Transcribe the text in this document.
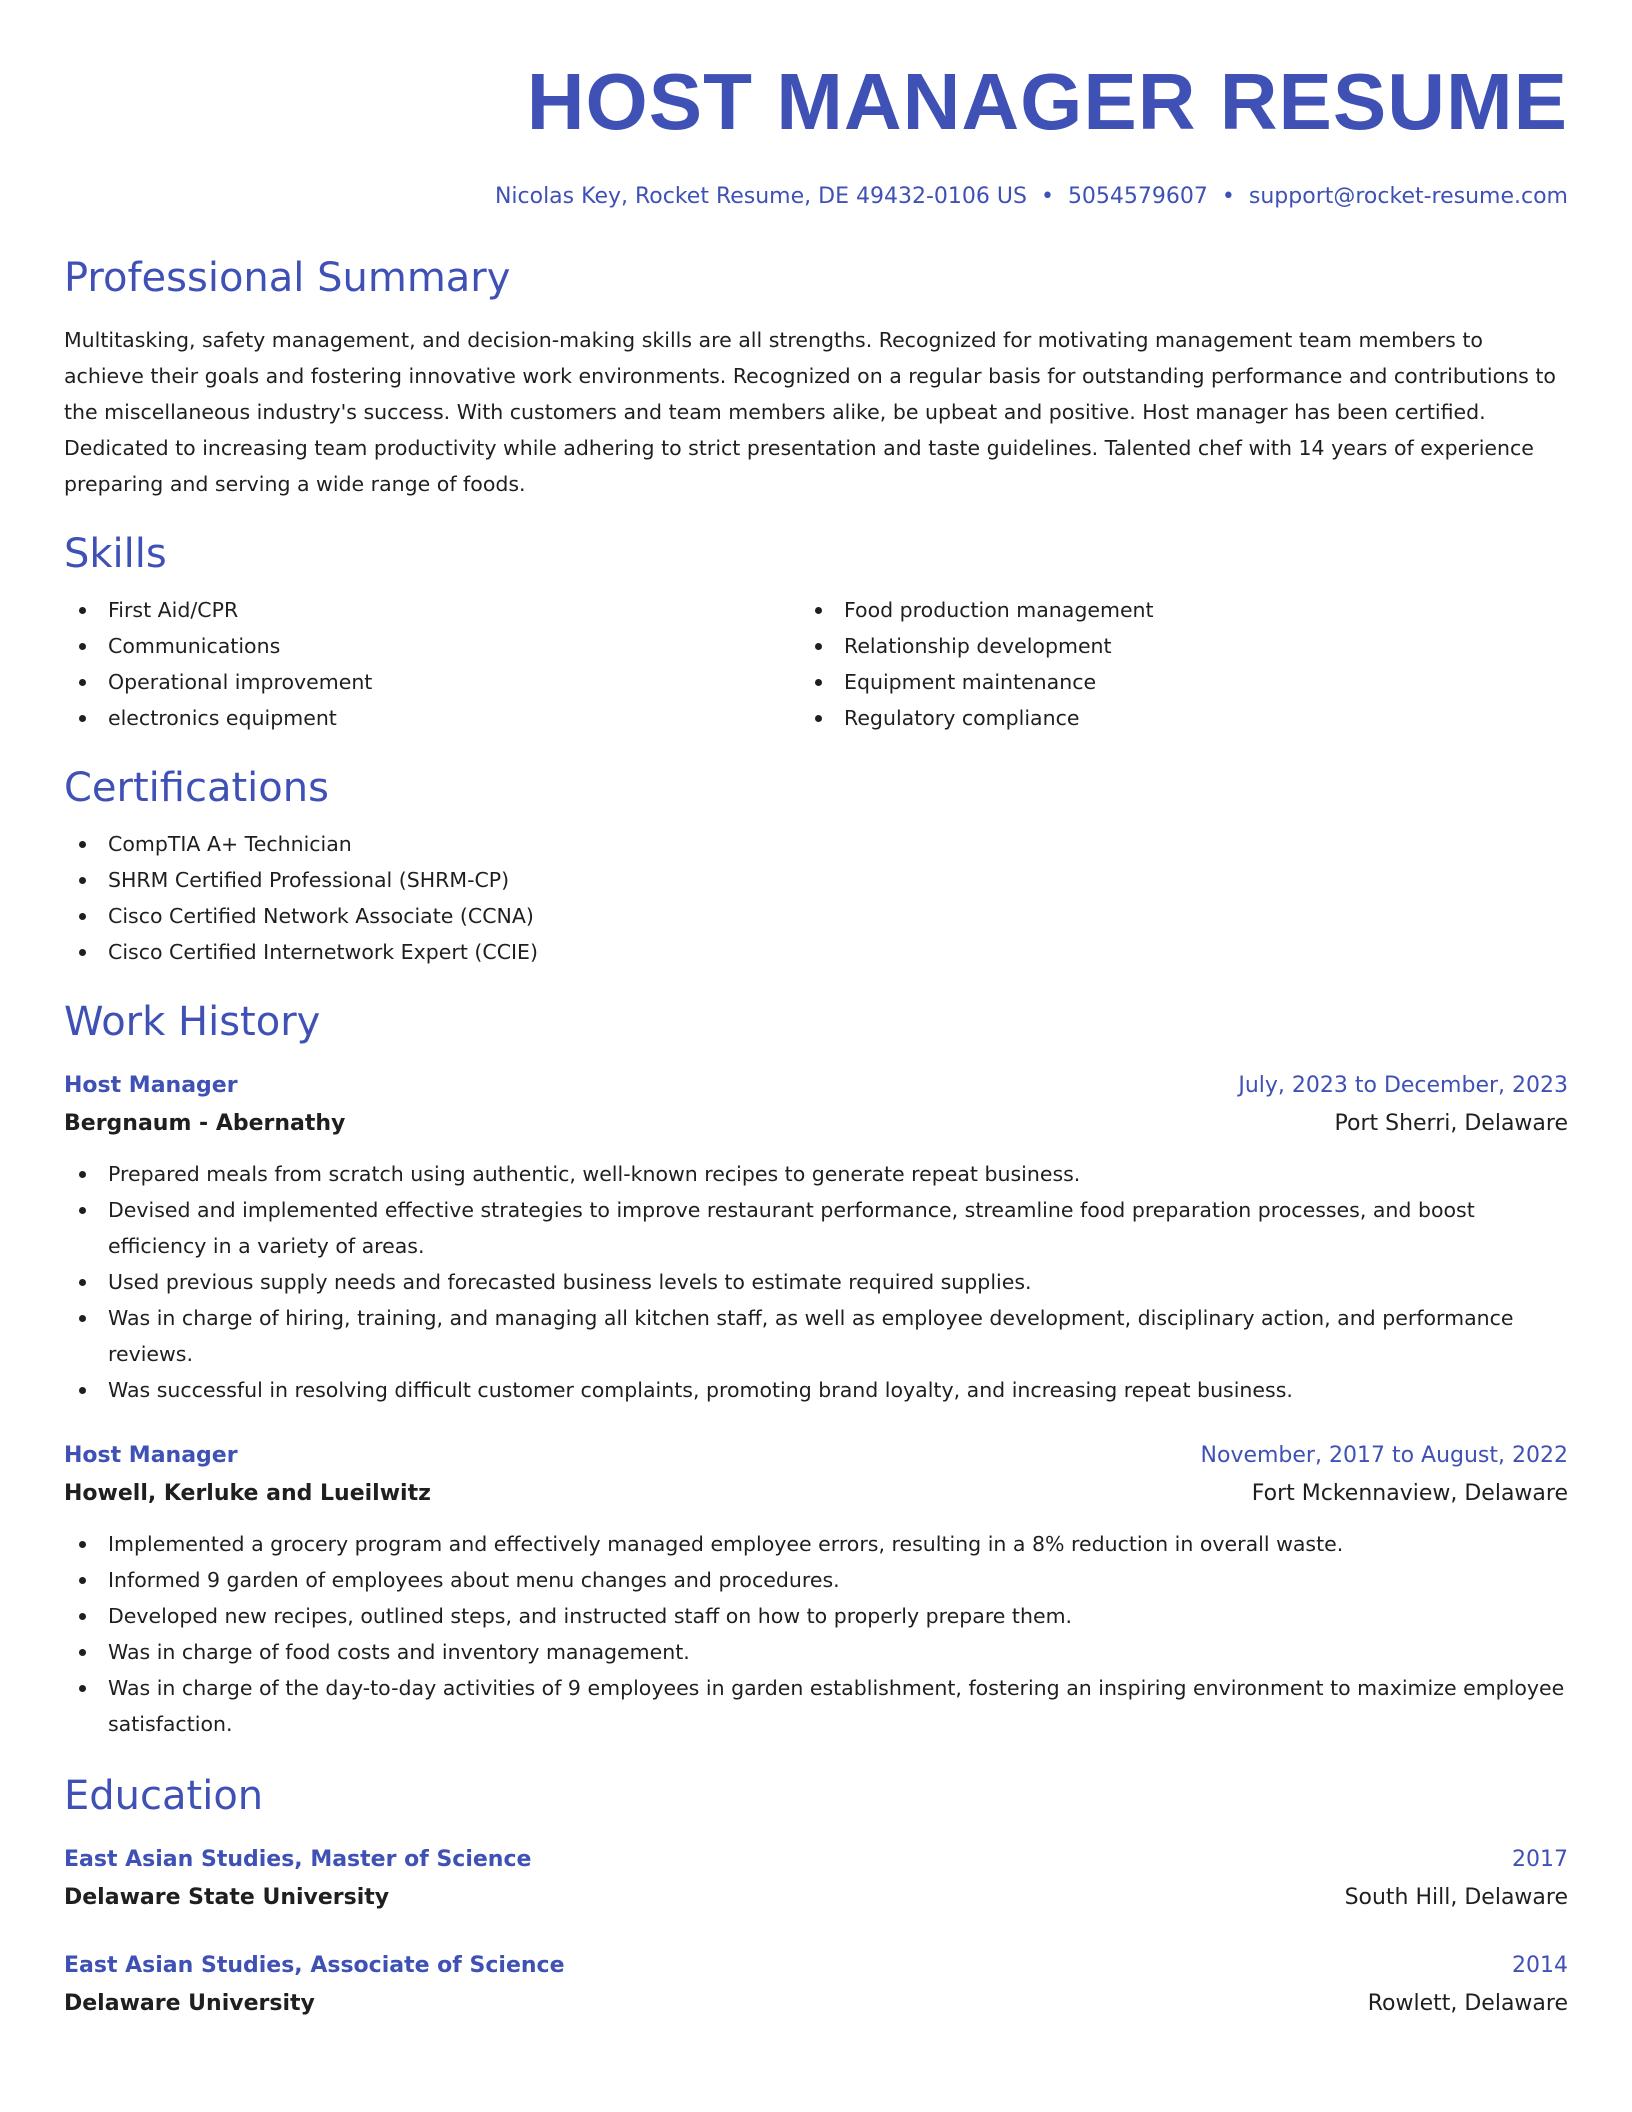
HOST MANAGER RESUME
Nicolas Key, Rocket Resume, DE 49432-0106 US • 5054579607 • support@rocket-resume.com
Professional Summary

Multitasking, safety management, and decision-making skills are all strengths. Recognized for motivating management team members to achieve their goals and fostering innovative work environments. Recognized on a regular basis for outstanding performance and contributions to the miscellaneous industry's success. With customers and team members alike, be upbeat and positive. Host manager has been certified. Dedicated to increasing team productivity while adhering to strict presentation and taste guidelines. Talented chef with 14 years of experience preparing and serving a wide range of foods.

Skills
First Aid/CPR
Communications
Operational improvement
electronics equipment
Food production management
Relationship development
Equipment maintenance
Regulatory compliance
Certifications
CompTIA A+ Technician
SHRM Certified Professional (SHRM-CP)
Cisco Certified Network Associate (CCNA)
Cisco Certified Internetwork Expert (CCIE)
Work History
Host Manager	July, 2023 to December, 2023
Bergnaum - Abernathy	Port Sherri, Delaware
Prepared meals from scratch using authentic, well-known recipes to generate repeat business.
Devised and implemented effective strategies to improve restaurant performance, streamline food preparation processes, and boost efficiency in a variety of areas.
Used previous supply needs and forecasted business levels to estimate required supplies.
Was in charge of hiring, training, and managing all kitchen staff, as well as employee development, disciplinary action, and performance reviews.
Was successful in resolving difficult customer complaints, promoting brand loyalty, and increasing repeat business.
Host Manager	November, 2017 to August, 2022
Howell, Kerluke and Lueilwitz	Fort Mckennaview, Delaware
Implemented a grocery program and effectively managed employee errors, resulting in a 8% reduction in overall waste.
Informed 9 garden of employees about menu changes and procedures.
Developed new recipes, outlined steps, and instructed staff on how to properly prepare them.
Was in charge of food costs and inventory management.
Was in charge of the day-to-day activities of 9 employees in garden establishment, fostering an inspiring environment to maximize employee satisfaction.
Education
East Asian Studies, Master of Science	2017
Delaware State University	South Hill, Delaware
East Asian Studies, Associate of Science	2014
Delaware University	Rowlett, Delaware
